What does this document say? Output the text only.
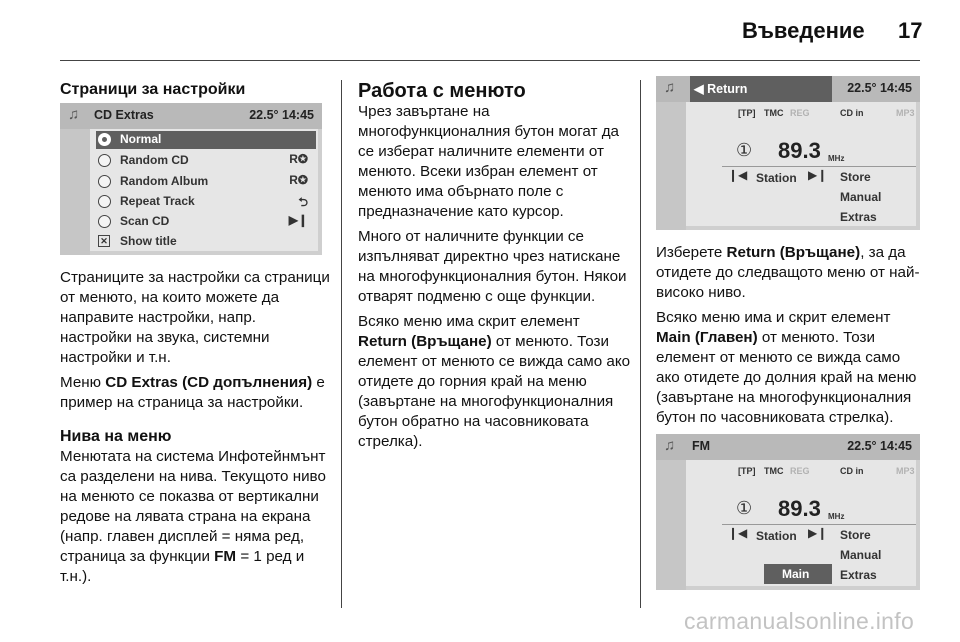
Въведение 17
Страници за настройки
♫ CD Extras	22.5° 14:45
Normal
Random CD	R✪
Random Album	R✪
Repeat Track	⮌
Scan CD	▶❙
✕ Show title

Страниците за настройки са страници от менюто, на които можете да направите настройки, напр. настройки на звука, системни настройки и т.н.

Меню CD Extras (CD допълнения) е пример на страница за настройки.

Нива на меню

Менютата на система Инфотейнмънт са разделени на нива. Текущото ниво на менюто се показва от вертикални редове на лявата страна на екрана (напр. главен дисплей = няма ред, страница за функции FM = 1 ред и т.н.).

Работа с менюто

Чрез завъртане на многофункционалния бутон могат да се изберат наличните елементи от менюто. Всеки избран елемент от менюто има обърнато поле с предназначение като курсор.

Много от наличните функции се изпълняват директно чрез натискане на многофункционалния бутон. Някои отварят подменю с още функции.

Всяко меню има скрит елемент Return (Връщане) от менюто. Този елемент от менюто се вижда само ако отидете до горния край на меню (завъртане на многофункционалния бутон обратно на часовниковата стрелка).

♫ ◀ Return	22.5° 14:45
[TP] TMC REG	CD in	MP3
① 89.3 MHz
❙◀ Station ▶❙ Store
Manual
Extras

Изберете Return (Връщане), за да отидете до следващото меню от най-високо ниво.

Всяко меню има и скрит елемент Main (Главен) от менюто. Този елемент от менюто се вижда само ако отидете до долния край на меню (завъртане на многофункционалния бутон по часовниковата стрелка).

♫ FM	22.5° 14:45
[TP] TMC REG	CD in	MP3
① 89.3 MHz
❙◀ Station ▶❙ Store
Manual
Main	Extras
carmanualsonline.info
